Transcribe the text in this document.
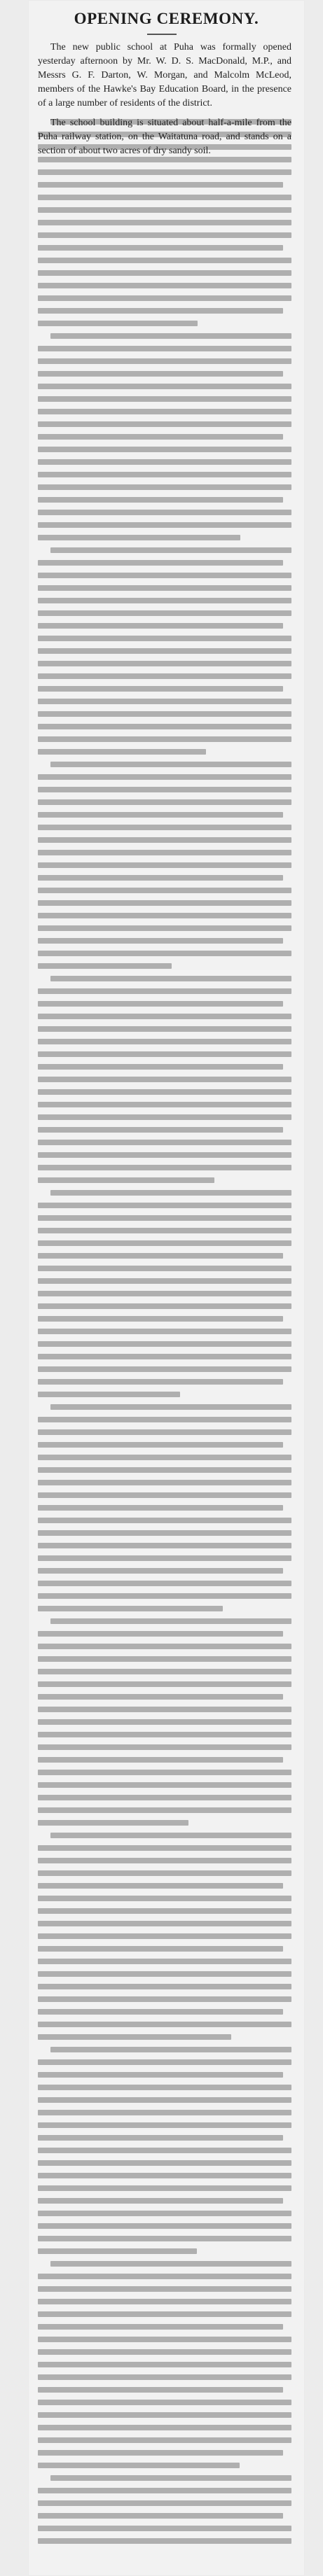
OPENING CEREMONY.

The new public school at Puha was formally opened yesterday afternoon by Mr. W. D. S. MacDonald, M.P., and Messrs G. F. Darton, W. Morgan, and Malcolm McLeod, members of the Hawke's Bay Education Board, in the presence of a large number of residents of the district.

The school building is situated about half-a-mile from the Puha railway station, on the Waitatuna road, and stands on a section of about two acres of dry sandy soil.
